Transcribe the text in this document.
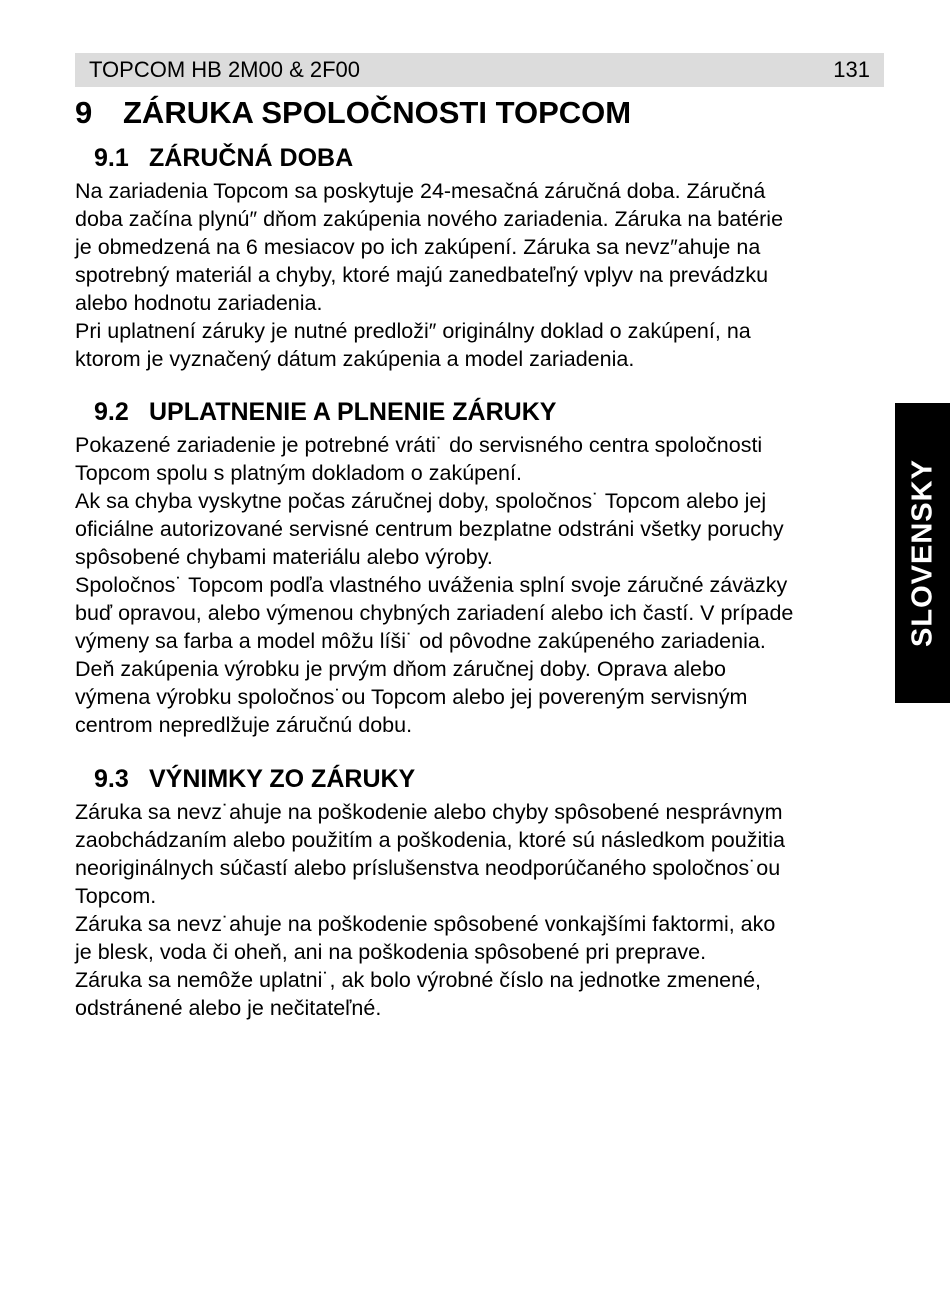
TOPCOM HB 2M00 & 2F00	131
9 ZÁRUKA SPOLOČNOSTI TOPCOM
9.1 ZÁRUČNÁ DOBA

Na zariadenia Topcom sa poskytuje 24-mesačná záručná doba. Záručná
doba začína plynú″ dňom zakúpenia nového zariadenia. Záruka na batérie
je obmedzená na 6 mesiacov po ich zakúpení. Záruka sa nevz″ahuje na
spotrebný materiál a chyby, ktoré majú zanedbateľný vplyv na prevádzku
alebo hodnotu zariadenia.
Pri uplatnení záruky je nutné predloži″ originálny doklad o zakúpení, na
ktorom je vyznačený dátum zakúpenia a model zariadenia.

9.2 UPLATNENIE A PLNENIE ZÁRUKY

Pokazené zariadenie je potrebné vráti˙ do servisného centra spoločnosti
Topcom spolu s platným dokladom o zakúpení.
Ak sa chyba vyskytne počas záručnej doby, spoločnos˙ Topcom alebo jej
oficiálne autorizované servisné centrum bezplatne odstráni všetky poruchy
spôsobené chybami materiálu alebo výroby.
Spoločnos˙ Topcom podľa vlastného uváženia splní svoje záručné záväzky
buď opravou, alebo výmenou chybných zariadení alebo ich častí. V prípade
výmeny sa farba a model môžu líši˙ od pôvodne zakúpeného zariadenia.
Deň zakúpenia výrobku je prvým dňom záručnej doby. Oprava alebo
výmena výrobku spoločnos˙ou Topcom alebo jej povereným servisným
centrom nepredlžuje záručnú dobu.

9.3 VÝNIMKY ZO ZÁRUKY

Záruka sa nevz˙ahuje na poškodenie alebo chyby spôsobené nesprávnym
zaobchádzaním alebo použitím a poškodenia, ktoré sú následkom použitia
neoriginálnych súčastí alebo príslušenstva neodporúčaného spoločnos˙ou
Topcom.
Záruka sa nevz˙ahuje na poškodenie spôsobené vonkajšími faktormi, ako
je blesk, voda či oheň, ani na poškodenia spôsobené pri preprave.
Záruka sa nemôže uplatni˙, ak bolo výrobné číslo na jednotke zmenené,
odstránené alebo je nečitateľné.

SLOVENSKY
